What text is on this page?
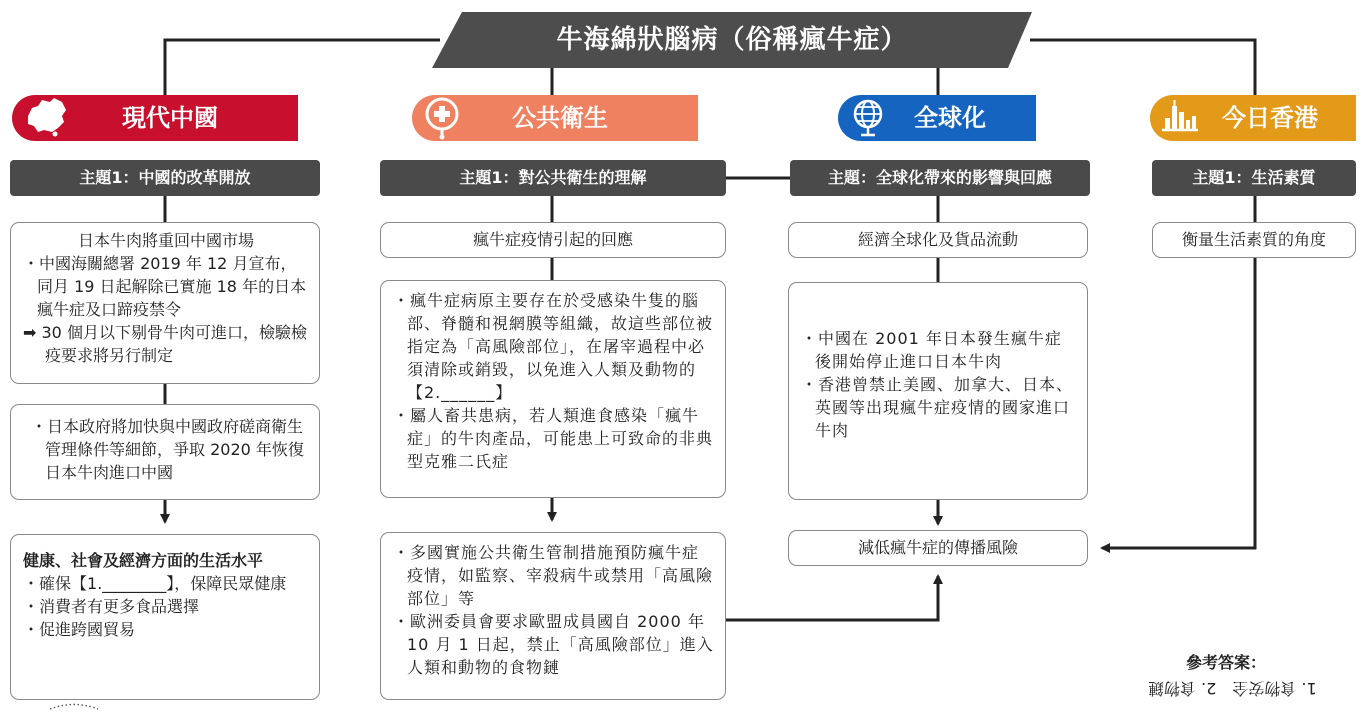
牛海綿狀腦病（俗稱瘋牛症）
現代中國	公共衛生	全球化	今日香港
主題1：中國的改革開放	主題1：對公共衛生的理解	主題：全球化帶來的影響與回應	主題1：生活素質
日本牛肉將重回中國市場
・中國海關總署 2019 年 12 月宣布，同月 19 日起解除已實施 18 年的日本瘋牛症及口蹄疫禁令
➡ 30 個月以下剔骨牛肉可進口，檢驗檢疫要求將另行制定
・日本政府將加快與中國政府磋商衛生管理條件等細節，爭取 2020 年恢復日本牛肉進口中國
健康、社會及經濟方面的生活水平
・確保【1.________】，保障民眾健康
・消費者有更多食品選擇
・促進跨國貿易
瘋牛症疫情引起的回應
・瘋牛症病原主要存在於受感染牛隻的腦部、脊髓和視網膜等組織，故這些部位被指定為「高風險部位」，在屠宰過程中必須清除或銷毀，以免進入人類及動物的【2.______】
・屬人畜共患病，若人類進食感染「瘋牛症」的牛肉產品，可能患上可致命的非典型克雅二氏症
・多國實施公共衛生管制措施預防瘋牛症疫情，如監察、宰殺病牛或禁用「高風險部位」等
・歐洲委員會要求歐盟成員國自 2000 年 10 月 1 日起，禁止「高風險部位」進入人類和動物的食物鏈
經濟全球化及貨品流動
・中國在 2001 年日本發生瘋牛症後開始停止進口日本牛肉
・香港曾禁止美國、加拿大、日本、英國等出現瘋牛症疫情的國家進口牛肉
減低瘋牛症的傳播風險
衡量生活素質的角度
參考答案：
1. 食物安全　2. 食物鏈
